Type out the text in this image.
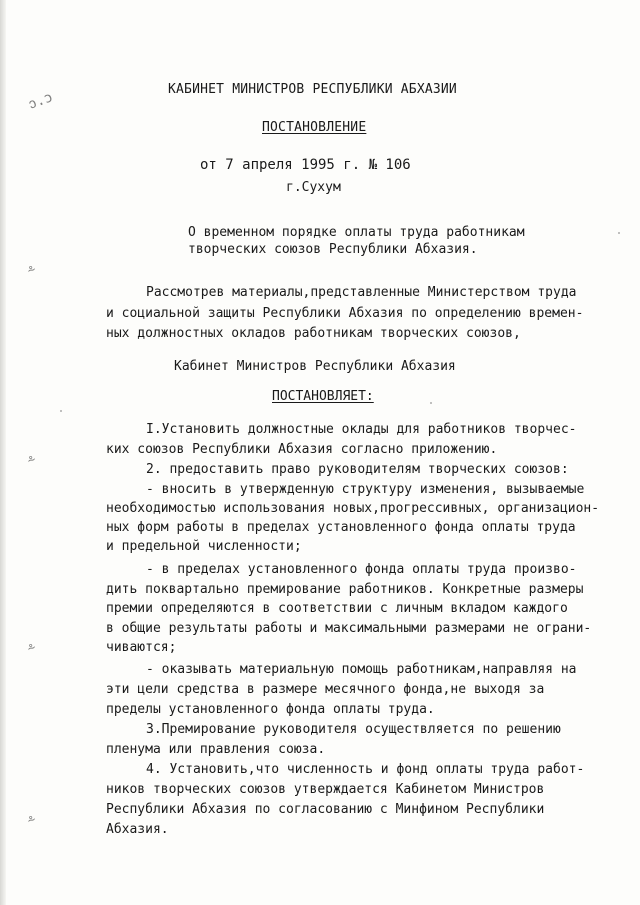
ↄ.ɔ
⸛
⸛
⸛
⸛
КАБИНЕТ МИНИСТРОВ РЕСПУБЛИКИ АБХАЗИИ
ПОСТАНОВЛЕНИЕ
от 7 апреля 1995 г. № 106
г.Сухум
О временном порядке оплаты труда работникам
творческих союзов Республики Абхазия.
Рассмотрев материалы,представленные Министерством труда
и социальной защиты Республики Абхазия по определению времен-
ных должностных окладов работникам творческих союзов,
Кабинет Министров Республики Абхазия
ПОСТАНОВЛЯЕТ:
I.Установить должностные оклады для работников творчес-
ких союзов Республики Абхазия согласно приложению.
2. предоставить право руководителям творческих союзов:
- вносить в утвержденную структуру изменения, вызываемые
необходимостью использования новых,прогрессивных, организацион-
ных форм работы в пределах установленного фонда оплаты труда
и предельной численности;
- в пределах установленного фонда оплаты труда произво-
дить поквартально премирование работников. Конкретные размеры
премии определяются в соответствии с личным вкладом каждого
в общие результаты работы и максимальными размерами не ограни-
чиваются;
- оказывать материальную помощь работникам,направляя на
эти цели средства в размере месячного фонда,не выходя за
пределы установленного фонда оплаты труда.
3.Премирование руководителя осуществляется по решению
пленума или правления союза.
4. Установить,что численность и фонд оплаты труда работ-
ников творческих союзов утверждается Кабинетом Министров
Республики Абхазия по согласованию с Минфином Республики
Абхазия.
